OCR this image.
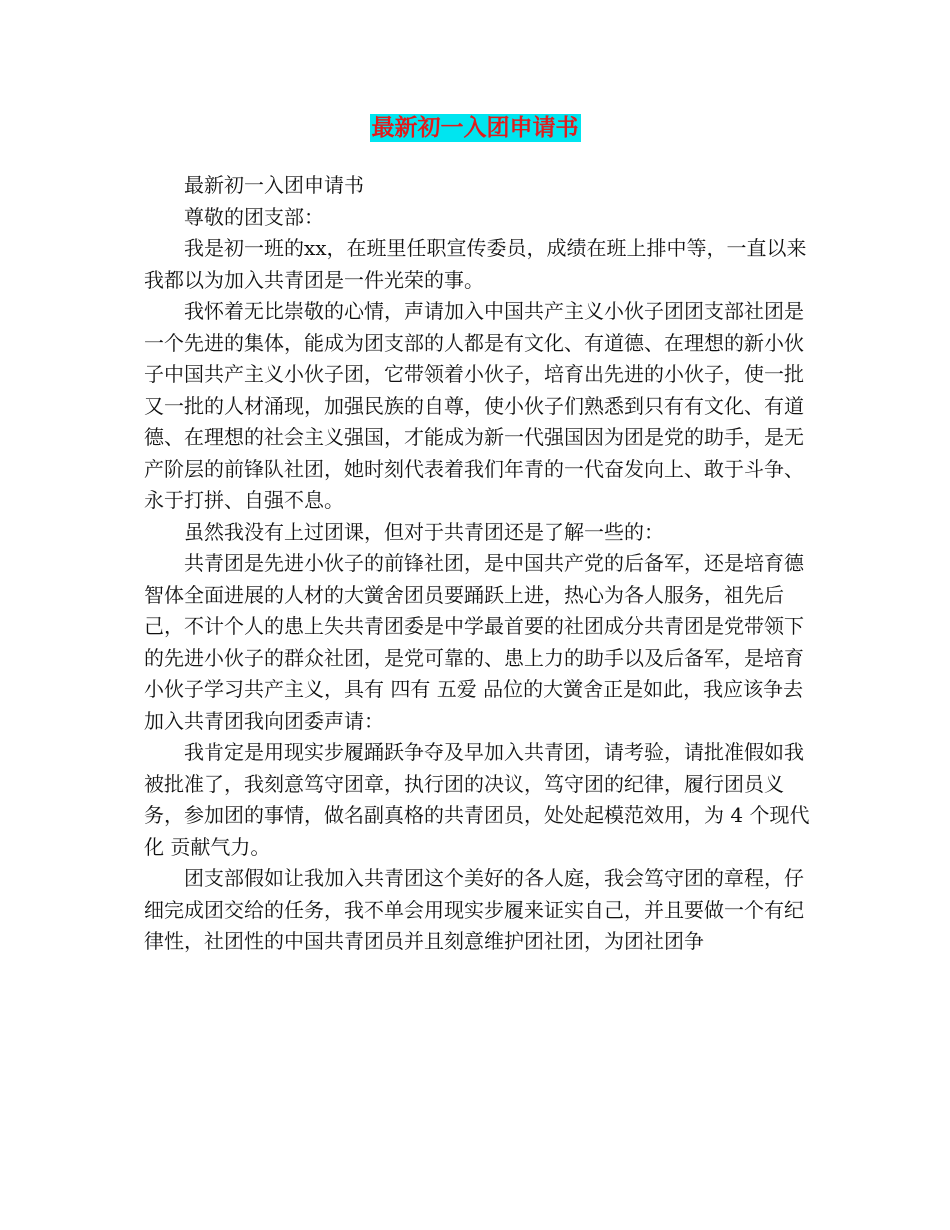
最新初一入团申请书

最新初一入团申请书

尊敬的团支部：

我是初一班的xx，在班里任职宣传委员，成绩在班上排中等，一直以来我都以为加入共青团是一件光荣的事。

我怀着无比崇敬的心情，声请加入中国共产主义小伙子团团支部社团是一个先进的集体，能成为团支部的人都是有文化、有道德、在理想的新小伙子中国共产主义小伙子团，它带领着小伙子，培育出先进的小伙子，使一批又一批的人材涌现，加强民族的自尊，使小伙子们熟悉到只有有文化、有道德、在理想的社会主义强国，才能成为新一代强国因为团是党的助手，是无产阶层的前锋队社团，她时刻代表着我们年青的一代奋发向上、敢于斗争、永于打拼、自强不息。

虽然我没有上过团课，但对于共青团还是了解一些的：

共青团是先进小伙子的前锋社团，是中国共产党的后备军，还是培育德智体全面进展的人材的大黉舍团员要踊跃上进，热心为各人服务，祖先后己，不计个人的患上失共青团委是中学最首要的社团成分共青团是党带领下的先进小伙子的群众社团，是党可靠的、患上力的助手以及后备军，是培育小伙子学习共产主义，具有 四有 五爱 品位的大黉舍正是如此，我应该争去加入共青团我向团委声请：

我肯定是用现实步履踊跃争夺及早加入共青团，请考验，请批准假如我被批准了，我刻意笃守团章，执行团的决议，笃守团的纪律，履行团员义务，参加团的事情，做名副真格的共青团员，处处起模范效用，为 4 个现代化 贡献气力。

团支部假如让我加入共青团这个美好的各人庭，我会笃守团的章程，仔细完成团交给的任务，我不单会用现实步履来证实自己，并且要做一个有纪律性，社团性的中国共青团员并且刻意维护团社团，为团社团争
